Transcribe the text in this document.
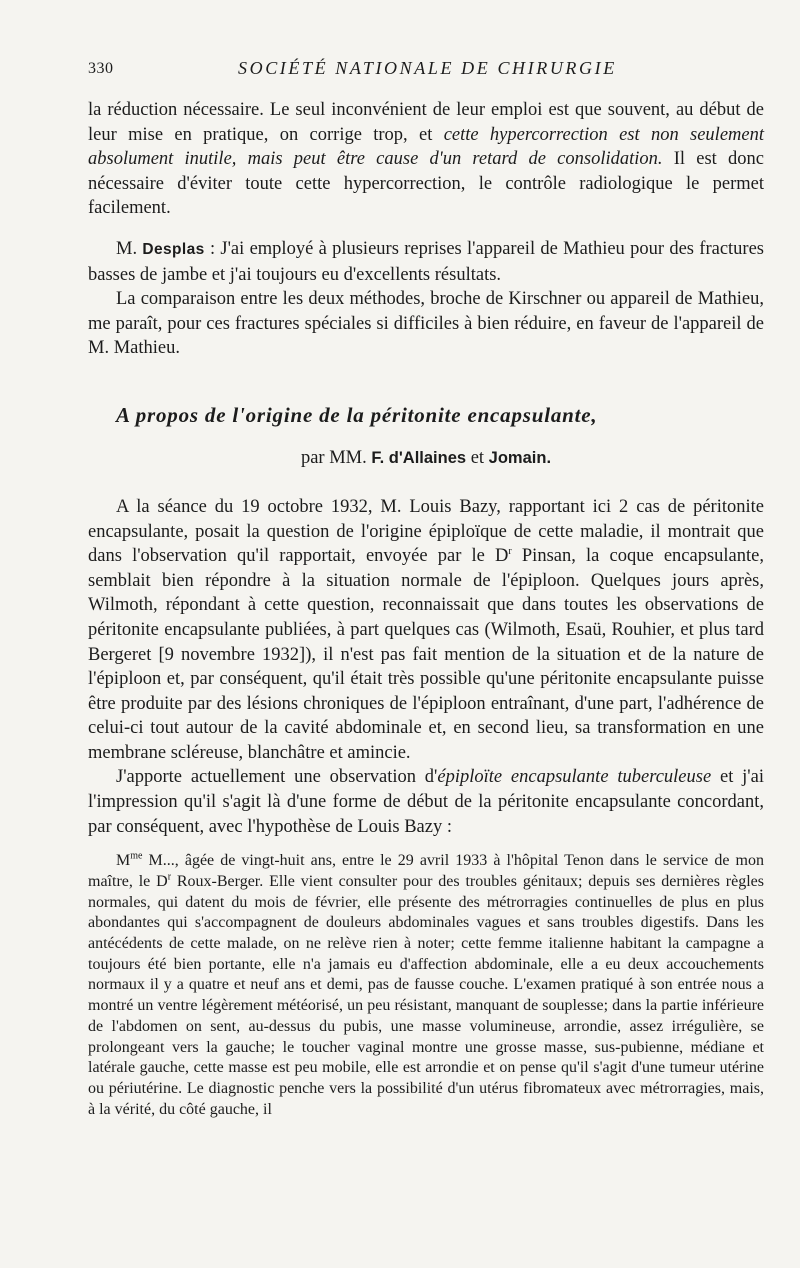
330	SOCIÉTÉ NATIONALE DE CHIRURGIE

la réduction nécessaire. Le seul inconvénient de leur emploi est que souvent, au début de leur mise en pratique, on corrige trop, et cette hypercorrection est non seulement absolument inutile, mais peut être cause d'un retard de consolidation. Il est donc nécessaire d'éviter toute cette hypercorrection, le contrôle radiologique le permet facilement.

M. Desplas : J'ai employé à plusieurs reprises l'appareil de Mathieu pour des fractures basses de jambe et j'ai toujours eu d'excellents résultats.

La comparaison entre les deux méthodes, broche de Kirschner ou appareil de Mathieu, me paraît, pour ces fractures spéciales si difficiles à bien réduire, en faveur de l'appareil de M. Mathieu.

A propos de l'origine de la péritonite encapsulante,
par MM. F. d'Allaines et Jomain.

A la séance du 19 octobre 1932, M. Louis Bazy, rapportant ici 2 cas de péritonite encapsulante, posait la question de l'origine épiploïque de cette maladie, il montrait que dans l'observation qu'il rapportait, envoyée par le $D^r$ Pinsan, la coque encapsulante, semblait bien répondre à la situation normale de l'épiploon. Quelques jours après, Wilmoth, répondant à cette question, reconnaissait que dans toutes les observations de péritonite encapsulante publiées, à part quelques cas (Wilmoth, Esaü, Rouhier, et plus tard Bergeret [9 novembre 1932]), il n'est pas fait mention de la situation et de la nature de l'épiploon et, par conséquent, qu'il était très possible qu'une péritonite encapsulante puisse être produite par des lésions chroniques de l'épiploon entraînant, d'une part, l'adhérence de celui-ci tout autour de la cavité abdominale et, en second lieu, sa transformation en une membrane scléreuse, blanchâtre et amincie.

J'apporte actuellement une observation d'épiploïte encapsulante tuberculeuse et j'ai l'impression qu'il s'agit là d'une forme de début de la péritonite encapsulante concordant, par conséquent, avec l'hypothèse de Louis Bazy :

$M^{me}$ M..., âgée de vingt-huit ans, entre le 29 avril 1933 à l'hôpital Tenon dans le service de mon maître, le $D^r$ Roux-Berger. Elle vient consulter pour des troubles génitaux; depuis ses dernières règles normales, qui datent du mois de février, elle présente des métrorragies continuelles de plus en plus abondantes qui s'accompagnent de douleurs abdominales vagues et sans troubles digestifs. Dans les antécédents de cette malade, on ne relève rien à noter; cette femme italienne habitant la campagne a toujours été bien portante, elle n'a jamais eu d'affection abdominale, elle a eu deux accouchements normaux il y a quatre et neuf ans et demi, pas de fausse couche. L'examen pratiqué à son entrée nous a montré un ventre légèrement météorisé, un peu résistant, manquant de souplesse; dans la partie inférieure de l'abdomen on sent, au-dessus du pubis, une masse volumineuse, arrondie, assez irrégulière, se prolongeant vers la gauche; le toucher vaginal montre une grosse masse, sus-pubienne, médiane et latérale gauche, cette masse est peu mobile, elle est arrondie et on pense qu'il s'agit d'une tumeur utérine ou périutérine. Le diagnostic penche vers la possibilité d'un utérus fibromateux avec métrorragies, mais, à la vérité, du côté gauche, il
